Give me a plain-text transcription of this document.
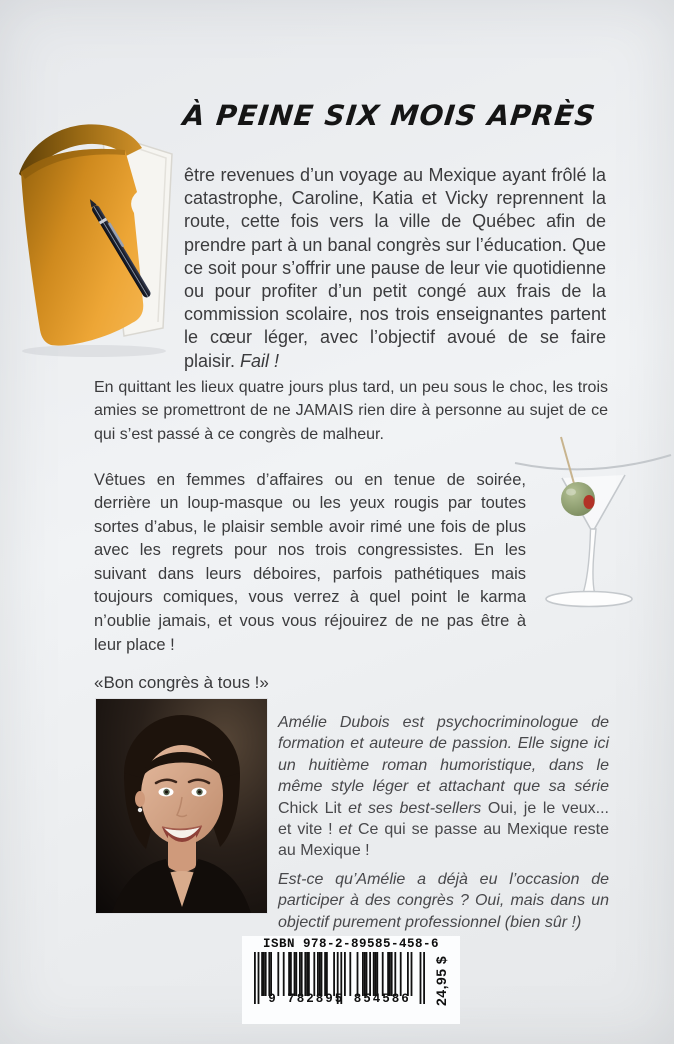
À PEINE SIX MOIS APRÈS

être revenues d’un voyage au Mexique ayant frôlé la catastrophe, Caroline, Katia et Vicky reprennent la route, cette fois vers la ville de Québec afin de prendre part à un banal congrès sur l’éducation. Que ce soit pour s’offrir une pause de leur vie quotidienne ou pour profiter d’un petit congé aux frais de la commission scolaire, nos trois enseignantes partent le cœur léger, avec l’objectif avoué de se faire plaisir. Fail !

En quittant les lieux quatre jours plus tard, un peu sous le choc, les trois amies se promettront de ne JAMAIS rien dire à personne au sujet de ce qui s’est passé à ce congrès de malheur.

Vêtues en femmes d’affaires ou en tenue de soirée, derrière un loup-masque ou les yeux rougis par toutes sortes d’abus, le plaisir semble avoir rimé une fois de plus avec les regrets pour nos trois congressistes. En les suivant dans leurs déboires, parfois pathétiques mais toujours comiques, vous verrez à quel point le karma n’oublie jamais, et vous vous réjouirez de ne pas être à leur place !

«Bon congrès à tous !»

Amélie Dubois est psychocriminologue de formation et auteure de passion. Elle signe ici un huitième roman humoristique, dans le même style léger et attachant que sa série Chick Lit et ses best-sellers Oui, je le veux... et vite ! et Ce qui se passe au Mexique reste au Mexique !

Est-ce qu’Amélie a déjà eu l’occasion de participer à des congrès ? Oui, mais dans un objectif purement professionnel (bien sûr !)

ISBN 978-2-89585-458-6
9 782895 854586	24,95 $
